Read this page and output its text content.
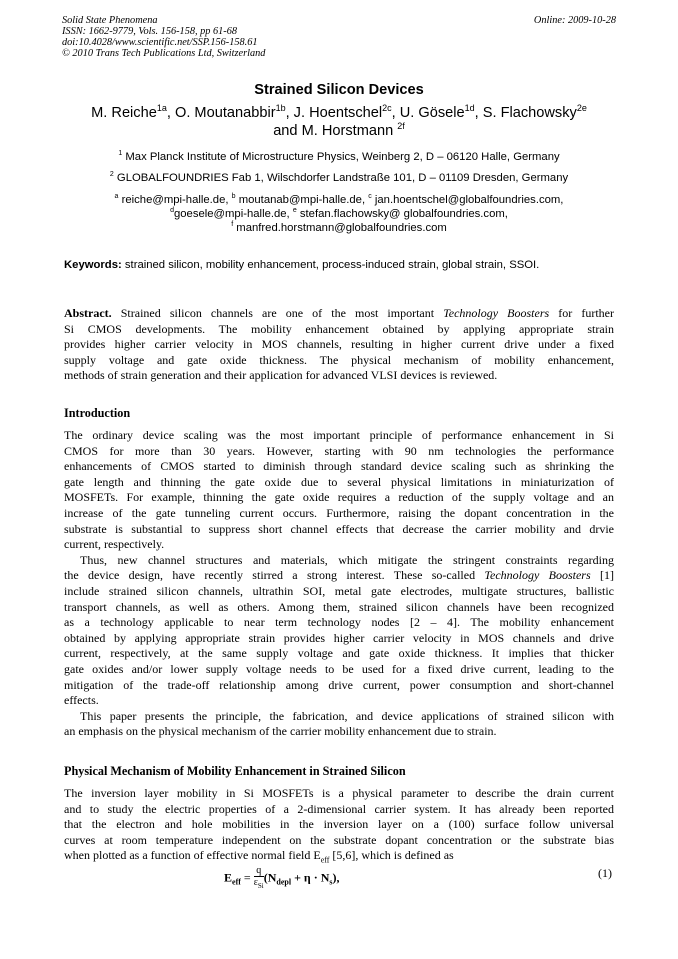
Solid State Phenomena
ISSN: 1662-9779, Vols. 156-158, pp 61-68
doi:10.4028/www.scientific.net/SSP.156-158.61
© 2010 Trans Tech Publications Ltd, Switzerland
Online: 2009-10-28
Strained Silicon Devices
M. Reiche$^{1a}$, O. Moutanabbir$^{1b}$, J. Hoentschel$^{2c}$, U. Gösele$^{1d}$, S. Flachowsky$^{2e}$
and M. Horstmann $^{2f}$
$^1$ Max Planck Institute of Microstructure Physics, Weinberg 2, D – 06120 Halle, Germany
$^2$ GLOBALFOUNDRIES Fab 1, Wilschdorfer Landstraße 101, D – 01109 Dresden, Germany
$^a$ reiche@mpi-halle.de, $^b$ moutanab@mpi-halle.de, $^c$ jan.hoentschel@globalfoundries.com,
$^d$goesele@mpi-halle.de, $^e$ stefan.flachowsky@ globalfoundries.com,
$^f$ manfred.horstmann@globalfoundries.com
Keywords: strained silicon, mobility enhancement, process-induced strain, global strain, SSOI.
Abstract. Strained silicon channels are one of the most important Technology Boosters for further
Si CMOS developments. The mobility enhancement obtained by applying appropriate strain
provides higher carrier velocity in MOS channels, resulting in higher current drive under a fixed
supply voltage and gate oxide thickness. The physical mechanism of mobility enhancement,
methods of strain generation and their application for advanced VLSI devices is reviewed.
Introduction
The ordinary device scaling was the most important principle of performance enhancement in Si
CMOS for more than 30 years. However, starting with 90 nm technologies the performance
enhancements of CMOS started to diminish through standard device scaling such as shrinking the
gate length and thinning the gate oxide due to several physical limitations in miniaturization of
MOSFETs. For example, thinning the gate oxide requires a reduction of the supply voltage and an
increase of the gate tunneling current occurs. Furthermore, raising the dopant concentration in the
substrate is substantial to suppress short channel effects that decrease the carrier mobility and drvie
current, respectively.
Thus, new channel structures and materials, which mitigate the stringent constraints regarding
the device design, have recently stirred a strong interest. These so-called Technology Boosters [1]
include strained silicon channels, ultrathin SOI, metal gate electrodes, multigate structures, ballistic
transport channels, as well as others. Among them, strained silicon channels have been recognized
as a technology applicable to near term technology nodes [2 – 4]. The mobility enhancement
obtained by applying appropriate strain provides higher carrier velocity in MOS channels and drive
current, respectively, at the same supply voltage and gate oxide thickness. It implies that thicker
gate oxides and/or lower supply voltage needs to be used for a fixed drive current, leading to the
mitigation of the trade-off relationship among drive current, power consumption and short-channel
effects.
This paper presents the principle, the fabrication, and device applications of strained silicon with
an emphasis on the physical mechanism of the carrier mobility enhancement due to strain.
Physical Mechanism of Mobility Enhancement in Strained Silicon
The inversion layer mobility in Si MOSFETs is a physical parameter to describe the drain current
and to study the electric properties of a 2-dimensional carrier system. It has already been reported
that the electron and hole mobilities in the inversion layer on a (100) surface follow universal
curves at room temperature independent on the substrate dopant concentration or the substrate bias
when plotted as a function of effective normal field $E_{eff}$ [5,6], which is defined as
$E_{eff} = q$
$\varepsilon_{Si}$
$(N_{depl} + \eta \cdot N_s)$,	(1)
